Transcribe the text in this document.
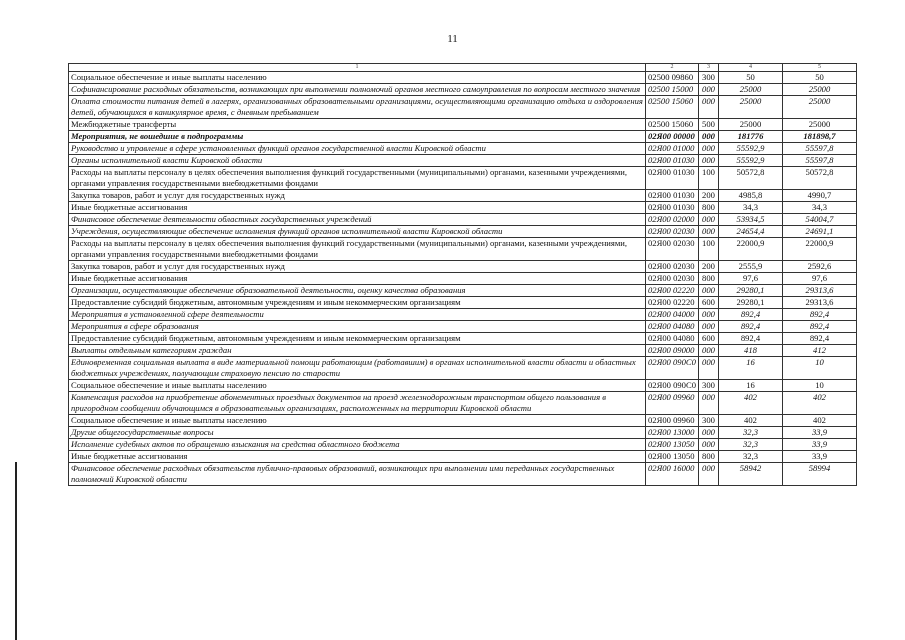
11
1	2	3	4	5
Социальное обеспечение и иные выплаты населению	02500 09860	300	50	50
Софинансирование расходных обязательств, возникающих при выполнении полномочий органов местного самоуправления по вопросам местного значения	02500 15000	000	25000	25000
Оплата стоимости питания детей в лагерях, организованных образовательными организациями, осуществляющими организацию отдыха и оздоровления детей, обучающихся в каникулярное время, с дневным пребыванием	02500 15060	000	25000	25000
Межбюджетные трансферты	02500 15060	500	25000	25000
Мероприятия, не вошедшие в подпрограммы	02Я00 00000	000	181776	181898,7
Руководство и управление в сфере установленных функций органов государственной власти Кировской области	02Я00 01000	000	55592,9	55597,8
Органы исполнительной власти Кировской области	02Я00 01030	000	55592,9	55597,8
Расходы на выплаты персоналу в целях обеспечения выполнения функций государственными (муниципальными) органами, казенными учреждениями, органами управления государственными внебюджетными фондами	02Я00 01030	100	50572,8	50572,8
Закупка товаров, работ и услуг для государственных нужд	02Я00 01030	200	4985,8	4990,7
Иные бюджетные ассигнования	02Я00 01030	800	34,3	34,3
Финансовое обеспечение деятельности областных государственных учреждений	02Я00 02000	000	53934,5	54004,7
Учреждения, осуществляющие обеспечение исполнения функций органов исполнительной власти Кировской области	02Я00 02030	000	24654,4	24691,1
Расходы на выплаты персоналу в целях обеспечения выполнения функций государственными (муниципальными) органами, казенными учреждениями, органами управления государственными внебюджетными фондами	02Я00 02030	100	22000,9	22000,9
Закупка товаров, работ и услуг для государственных нужд	02Я00 02030	200	2555,9	2592,6
Иные бюджетные ассигнования	02Я00 02030	800	97,6	97,6
Организации, осуществляющие обеспечение образовательной деятельности, оценку качества образования	02Я00 02220	000	29280,1	29313,6
Предоставление субсидий бюджетным, автономным учреждениям и иным некоммерческим организациям	02Я00 02220	600	29280,1	29313,6
Мероприятия в установленной сфере деятельности	02Я00 04000	000	892,4	892,4
Мероприятия в сфере образования	02Я00 04080	000	892,4	892,4
Предоставление субсидий бюджетным, автономным учреждениям и иным некоммерческим организациям	02Я00 04080	600	892,4	892,4
Выплаты отдельным категориям граждан	02Я00 09000	000	418	412
Единовременная социальная выплата в виде материальной помощи работающим (работавшим) в органах исполнительной власти области и областных бюджетных учреждениях, получающим страховую пенсию по старости	02Я00 090С0	000	16	10
Социальное обеспечение и иные выплаты населению	02Я00 090С0	300	16	10
Компенсация расходов на приобретение абонементных проездных документов на проезд железнодорожным транспортом общего пользования в пригородном сообщении обучающимся в образовательных организациях, расположенных на территории Кировской области	02Я00 09960	000	402	402
Социальное обеспечение и иные выплаты населению	02Я00 09960	300	402	402
Другие общегосударственные вопросы	02Я00 13000	000	32,3	33,9
Исполнение судебных актов по обращению взыскания на средства областного бюджета	02Я00 13050	000	32,3	33,9
Иные бюджетные ассигнования	02Я00 13050	800	32,3	33,9
Финансовое обеспечение расходных обязательств публично-правовых образований, возникающих при выполнении ими переданных государственных полномочий Кировской области	02Я00 16000	000	58942	58994
